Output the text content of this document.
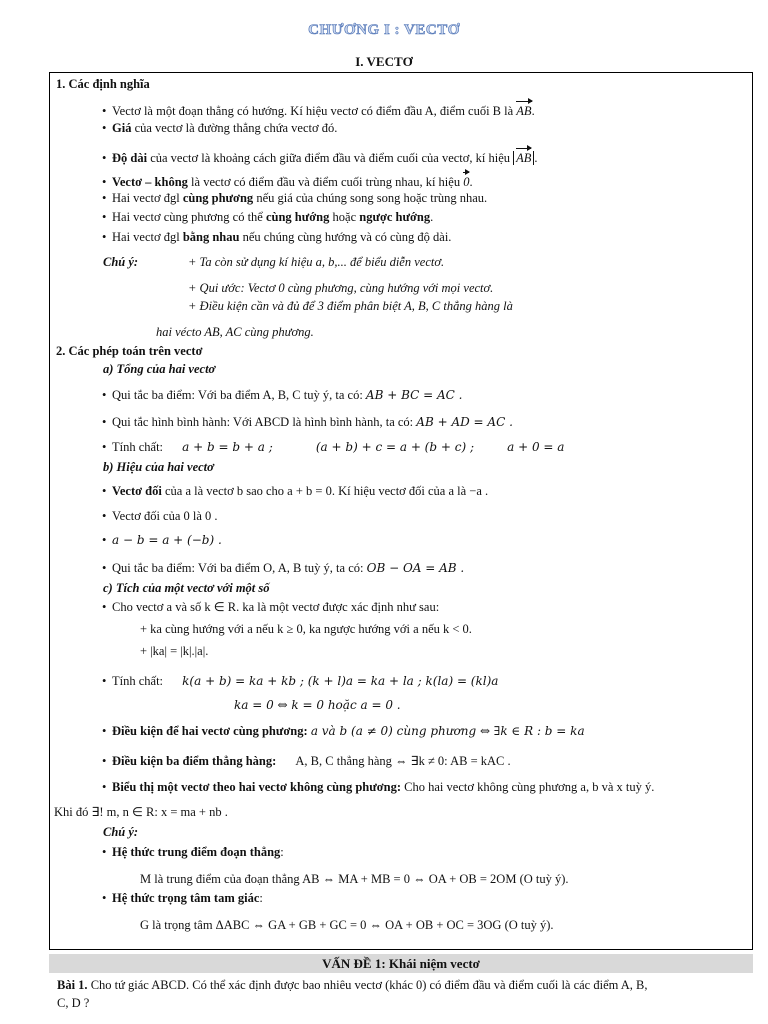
CHƯƠNG I : VECTƠ
I. VECTƠ
1. Các định nghĩa
• Vectơ là một đoạn thẳng có hướng. Kí hiệu vectơ có điểm đầu A, điểm cuối B là AB.
• Giá của vectơ là đường thẳng chứa vectơ đó.
• Độ dài của vectơ là khoảng cách giữa điểm đầu và điểm cuối của vectơ, kí hiệu AB .
• Vectơ – không là vectơ có điểm đầu và điểm cuối trùng nhau, kí hiệu 0.
• Hai vectơ đgl cùng phương nếu giá của chúng song song hoặc trùng nhau.
• Hai vectơ cùng phương có thể cùng hướng hoặc ngược hướng.
• Hai vectơ đgl bằng nhau nếu chúng cùng hướng và có cùng độ dài.
Chú ý:	+ Ta còn sử dụng kí hiệu a, b,... để biểu diễn vectơ.
+ Qui ước: Vectơ 0 cùng phương, cùng hướng với mọi vectơ.
+ Điều kiện cần và đủ để 3 điểm phân biệt A, B, C thẳng hàng là
hai vécto AB, AC cùng phương.
2. Các phép toán trên vectơ
a) Tổng của hai vectơ
• Qui tắc ba điểm: Với ba điểm A, B, C tuỳ ý, ta có: AB + BC = AC .
• Qui tắc hình bình hành: Với ABCD là hình bình hành, ta có: AB + AD = AC .
• Tính chất: a + b = b + a ;	(a + b) + c = a + (b + c) ;	a + 0 = a
b) Hiệu của hai vectơ
• Vectơ đối của a là vectơ b sao cho a + b = 0. Kí hiệu vectơ đối của a là −a .
• Vectơ đối của 0 là 0 .
• a − b = a + (−b) .
• Qui tắc ba điểm: Với ba điểm O, A, B tuỳ ý, ta có: OB − OA = AB .
c) Tích của một vectơ với một số
• Cho vectơ a và số k ∈ R. ka là một vectơ được xác định như sau:
+ ka cùng hướng với a nếu k ≥ 0, ka ngược hướng với a nếu k < 0.
+ |ka| = |k|.|a|.
• Tính chất: k(a + b) = ka + kb ; (k + l)a = ka + la ; k(la) = (kl)a
ka = 0 ⇔ k = 0 hoặc a = 0 .
• Điều kiện để hai vectơ cùng phương: a và b (a ≠ 0) cùng phương ⇔ ∃k ∈ R : b = ka
• Điều kiện ba điểm thẳng hàng: A, B, C thẳng hàng ⇔ ∃k ≠ 0: AB = kAC .
• Biểu thị một vectơ theo hai vectơ không cùng phương: Cho hai vectơ không cùng phương a, b và x tuỳ ý.
Khi đó ∃! m, n ∈ R: x = ma + nb .
Chú ý:
• Hệ thức trung điểm đoạn thẳng:
M là trung điểm của đoạn thẳng AB ⇔ MA + MB = 0 ⇔ OA + OB = 2OM (O tuỳ ý).
• Hệ thức trọng tâm tam giác:
G là trọng tâm ΔABC ⇔ GA + GB + GC = 0 ⇔ OA + OB + OC = 3OG (O tuỳ ý).
VẤN ĐỀ 1: Khái niệm vectơ
Bài 1. Cho tứ giác ABCD. Có thể xác định được bao nhiêu vectơ (khác 0) có điểm đầu và điểm cuối là các điểm A, B,
C, D ?
